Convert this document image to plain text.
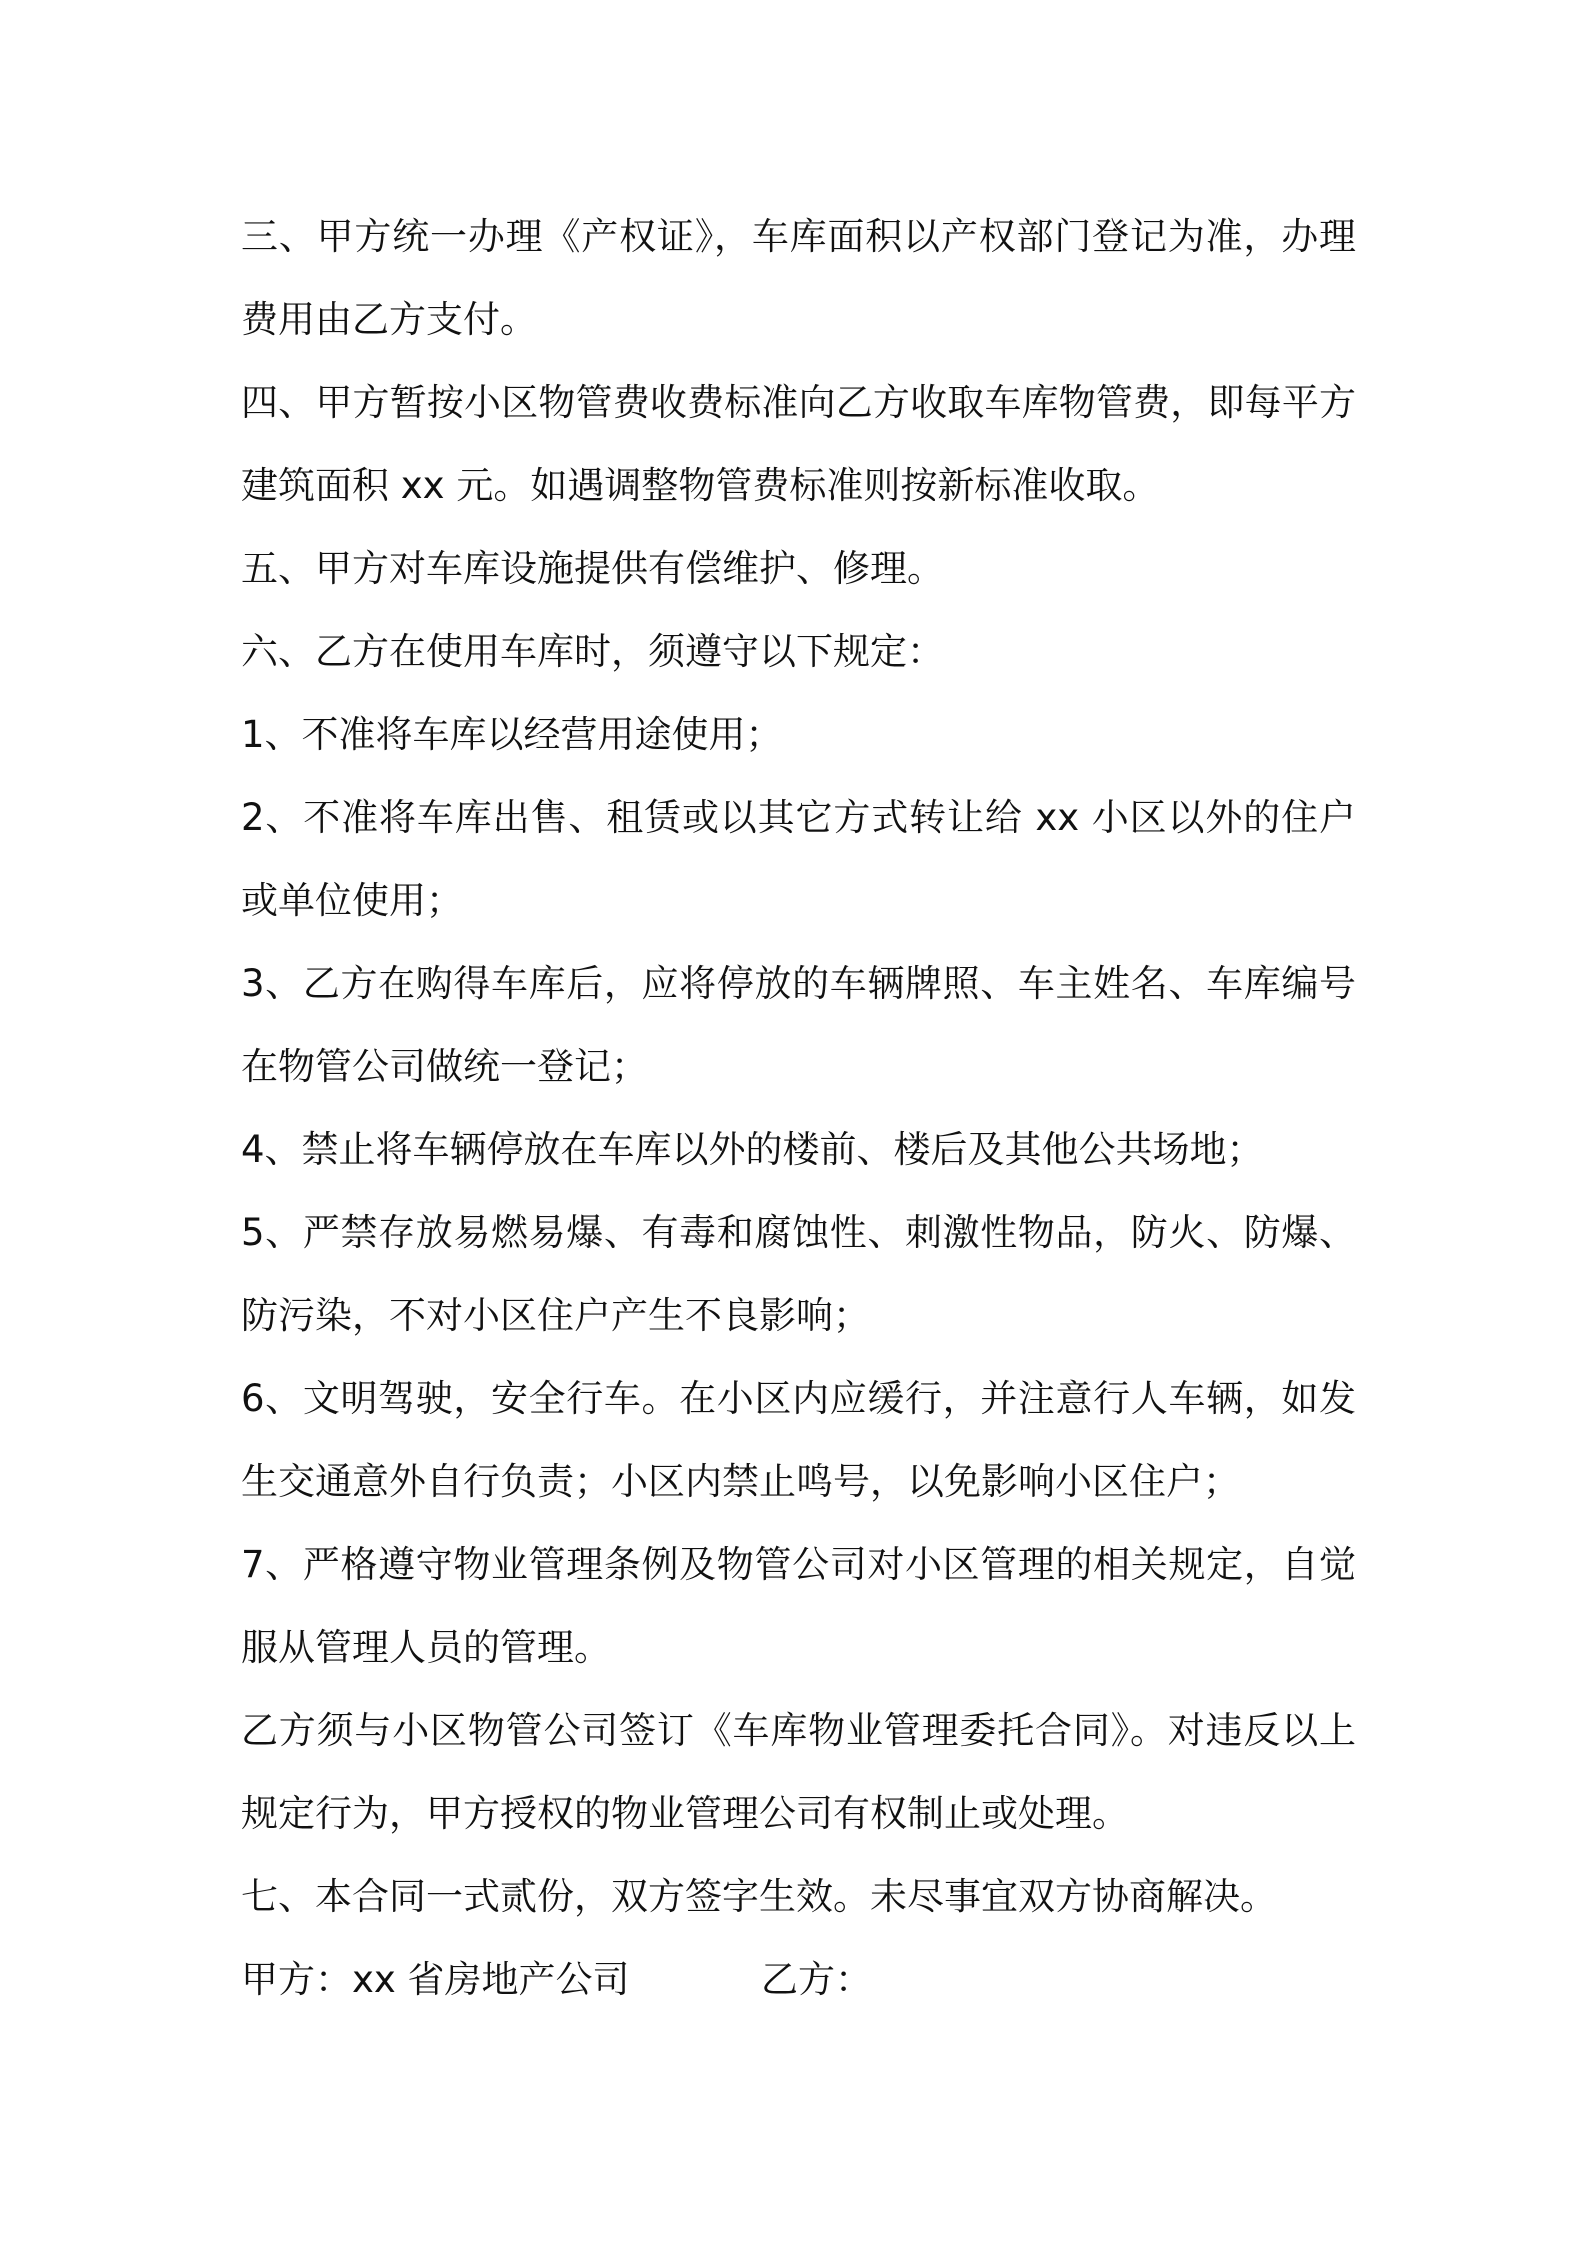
三、甲方统一办理《产权证》，车库面积以产权部门登记为准，办理费用由乙方支付。

四、甲方暂按小区物管费收费标准向乙方收取车库物管费，即每平方建筑面积 xx 元。如遇调整物管费标准则按新标准收取。

五、甲方对车库设施提供有偿维护、修理。

六、乙方在使用车库时，须遵守以下规定：

1、不准将车库以经营用途使用；

2、不准将车库出售、租赁或以其它方式转让给 xx 小区以外的住户或单位使用；

3、乙方在购得车库后，应将停放的车辆牌照、车主姓名、车库编号在物管公司做统一登记；

4、禁止将车辆停放在车库以外的楼前、楼后及其他公共场地；

5、严禁存放易燃易爆、有毒和腐蚀性、刺激性物品，防火、防爆、防污染，不对小区住户产生不良影响；

6、文明驾驶，安全行车。在小区内应缓行，并注意行人车辆，如发生交通意外自行负责；小区内禁止鸣号，以免影响小区住户；

7、严格遵守物业管理条例及物管公司对小区管理的相关规定，自觉服从管理人员的管理。

乙方须与小区物管公司签订《车库物业管理委托合同》。对违反以上规定行为，甲方授权的物业管理公司有权制止或处理。

七、本合同一式贰份，双方签字生效。未尽事宜双方协商解决。

甲方：xx 省房地产公司	乙方：
